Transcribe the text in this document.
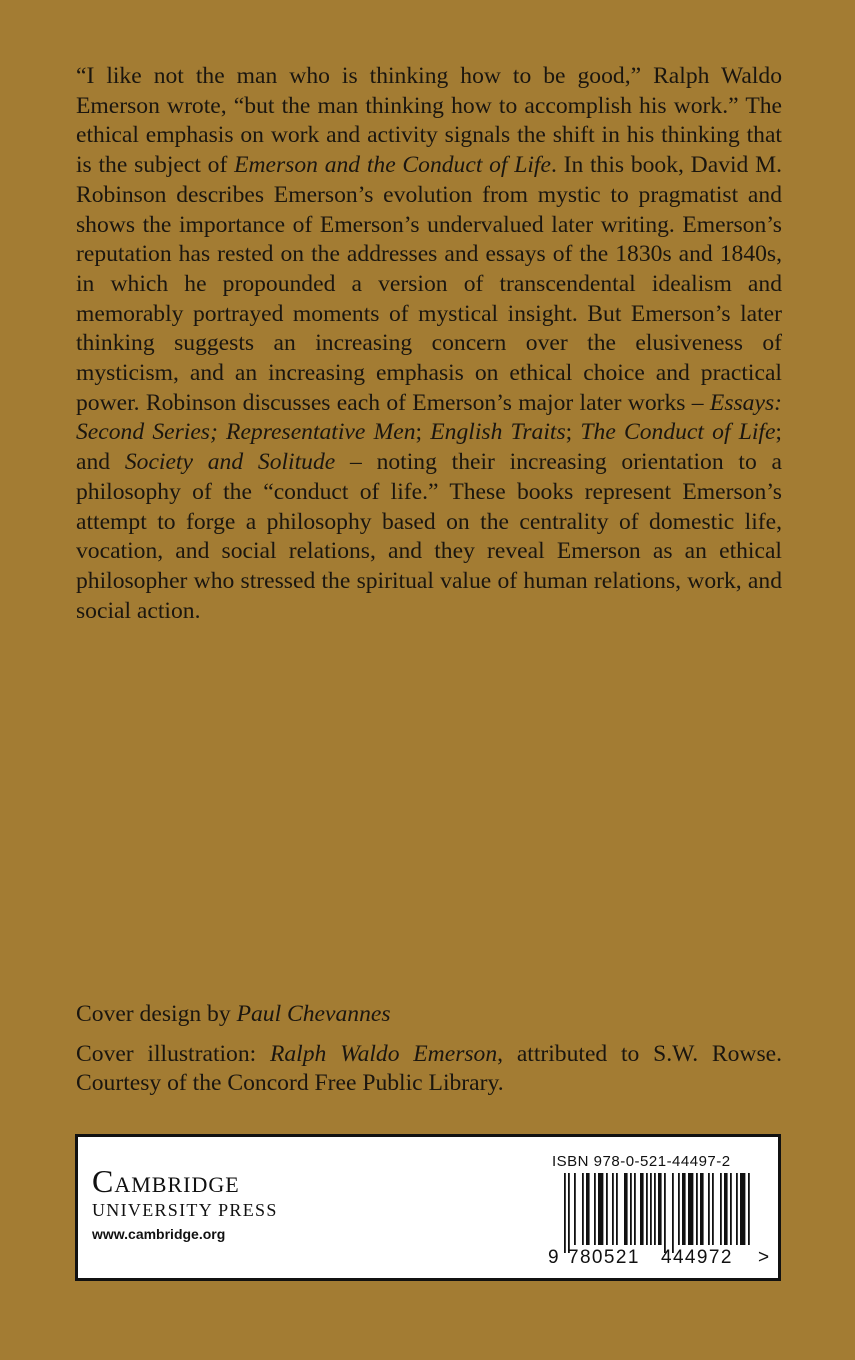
“I like not the man who is thinking how to be good,” Ralph Waldo Emerson wrote, “but the man thinking how to accomplish his work.” The ethical emphasis on work and activity signals the shift in his thinking that is the subject of Emerson and the Conduct of Life. In this book, David M. Robinson describes Emerson’s evolution from mystic to pragmatist and shows the importance of Emerson’s undervalued later writing. Emerson’s reputation has rested on the addresses and essays of the 1830s and 1840s, in which he propounded a version of transcendental idealism and memorably portrayed moments of mystical insight. But Emerson’s later thinking suggests an increasing concern over the elusiveness of mysticism, and an increasing emphasis on ethical choice and practical power. Robinson discusses each of Emerson’s major later works – Essays: Second Series; Representative Men; English Traits; The Conduct of Life; and Society and Solitude – noting their increasing orientation to a philosophy of the “conduct of life.” These books represent Emerson’s attempt to forge a philosophy based on the centrality of domestic life, vocation, and social relations, and they reveal Emerson as an ethical philosopher who stressed the spiritual value of human relations, work, and social action.

Cover design by Paul Chevannes

Cover illustration: Ralph Waldo Emerson, attributed to S.W. Rowse. Courtesy of the Concord Free Public Library.

Cambridge
UNIVERSITY PRESS
www.cambridge.org
ISBN 978-0-521-44497-2
9 780521 444972 >
